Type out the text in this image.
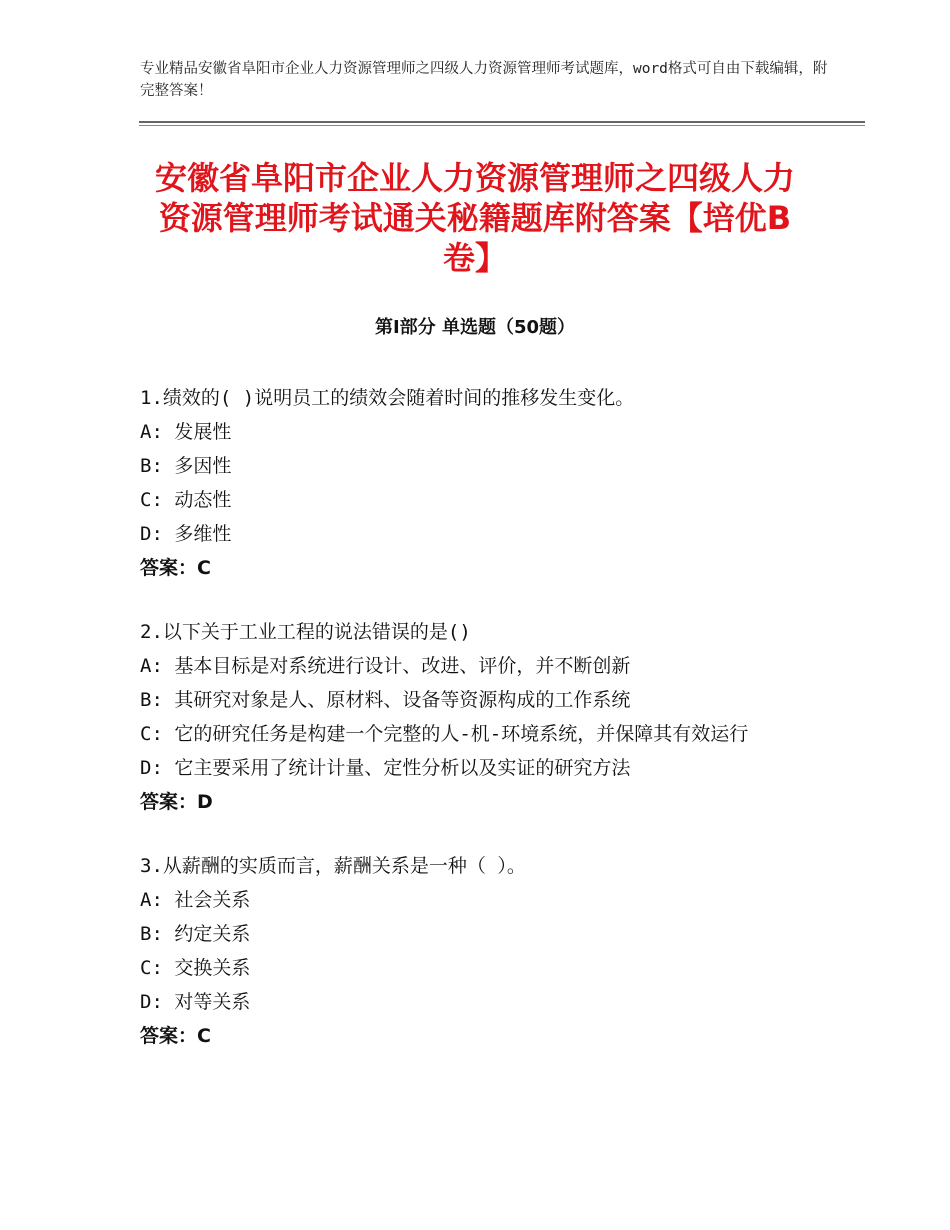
专业精品安徽省阜阳市企业人力资源管理师之四级人力资源管理师考试题库，word格式可自由下载编辑，附完整答案！
安徽省阜阳市企业人力资源管理师之四级人力资源管理师考试通关秘籍题库附答案【培优B卷】
第Ⅰ部分 单选题（50题）
1.绩效的( )说明员工的绩效会随着时间的推移发生变化。
A: 发展性
B: 多因性
C: 动态性
D: 多维性
答案：C
2.以下关于工业工程的说法错误的是()
A: 基本目标是对系统进行设计、改进、评价，并不断创新
B: 其研究对象是人、原材料、设备等资源构成的工作系统
C: 它的研究任务是构建一个完整的人-机-环境系统，并保障其有效运行
D: 它主要采用了统计计量、定性分析以及实证的研究方法
答案：D
3.从薪酬的实质而言，薪酬关系是一种（ ）。
A: 社会关系
B: 约定关系
C: 交换关系
D: 对等关系
答案：C
